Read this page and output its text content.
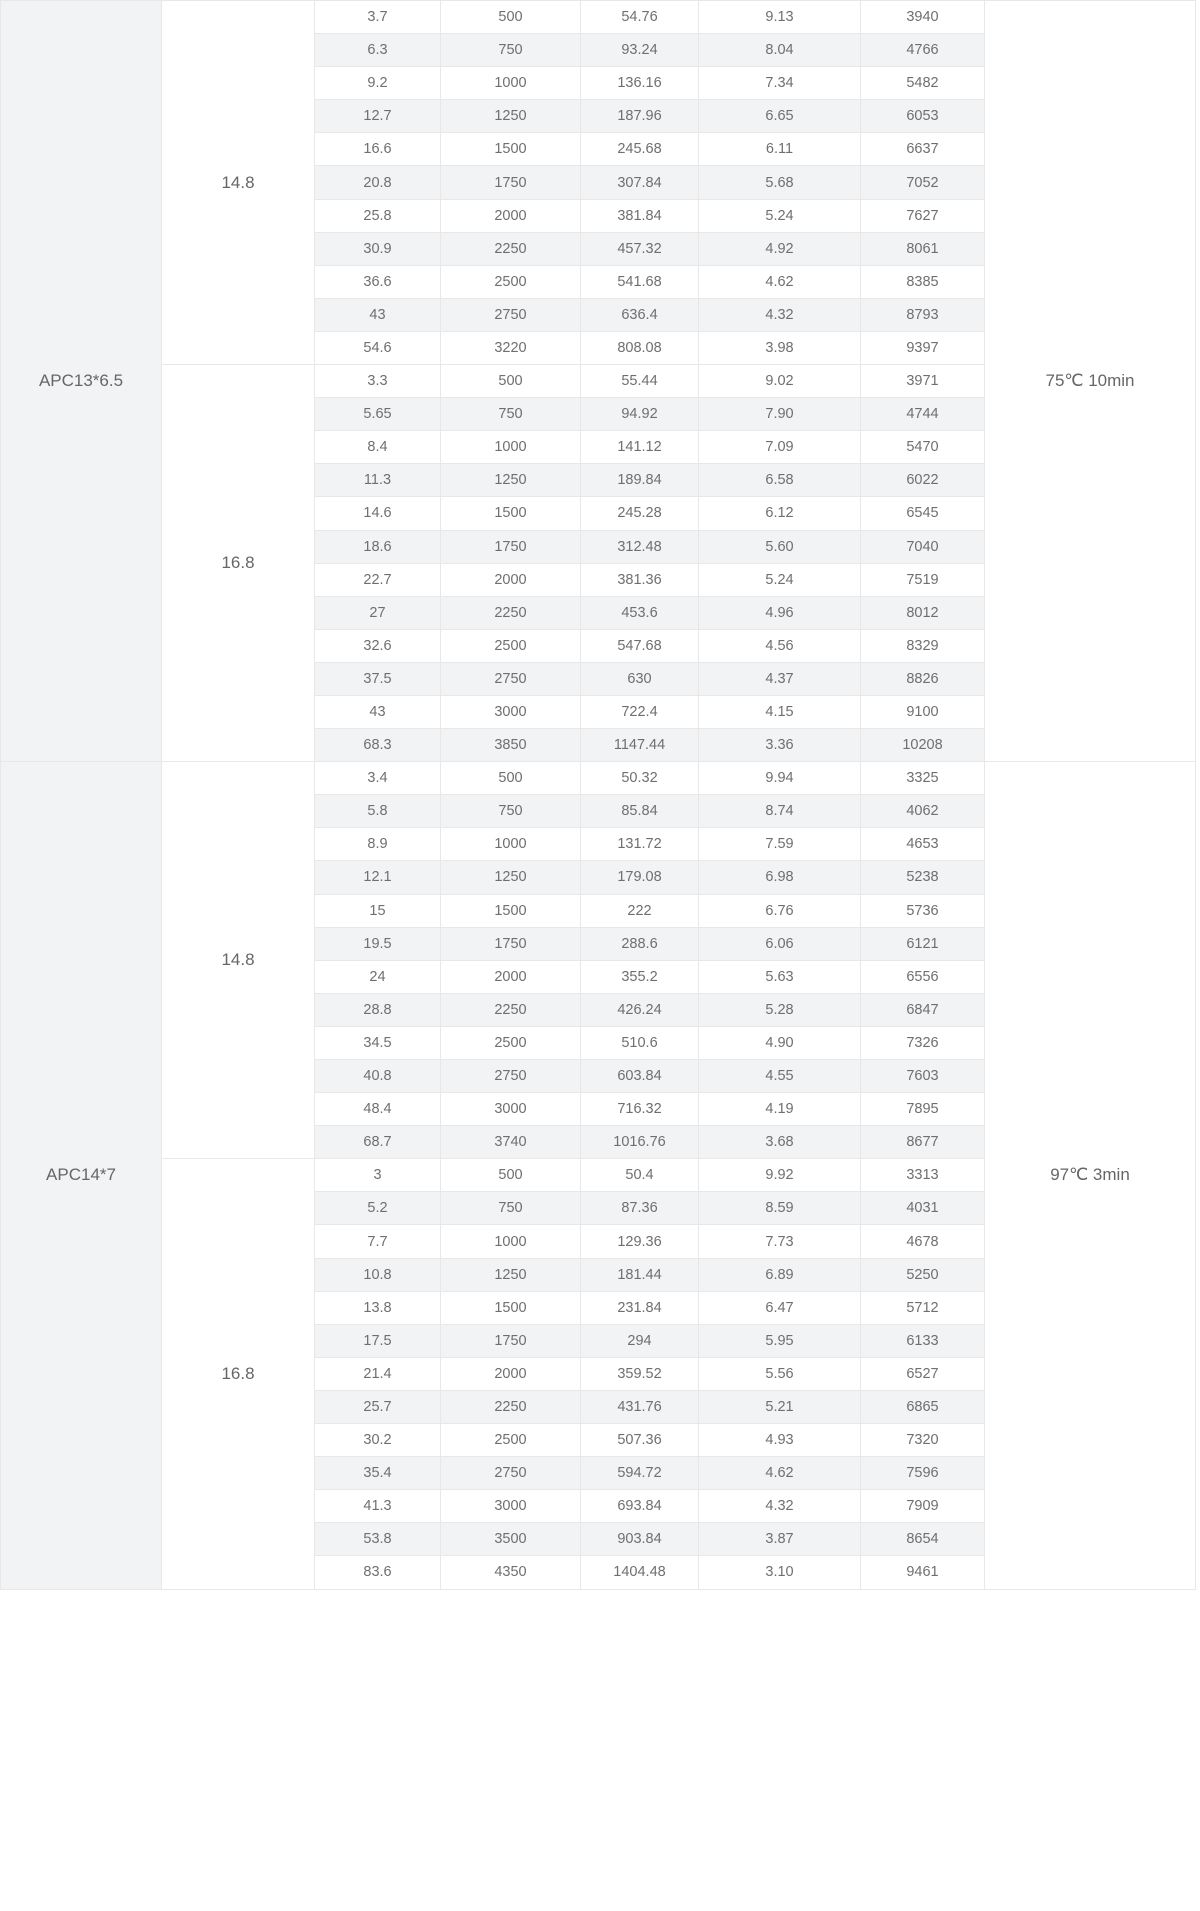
APC13*6.5	14.8	3.7	500	54.76	9.13	3940	75℃ 10min	
		6.3	750	93.24	8.04	4766		
		9.2	1000	136.16	7.34	5482		
		12.7	1250	187.96	6.65	6053		
		16.6	1500	245.68	6.11	6637		
		20.8	1750	307.84	5.68	7052		
		25.8	2000	381.84	5.24	7627		
		30.9	2250	457.32	4.92	8061		
		36.6	2500	541.68	4.62	8385		
		43	2750	636.4	4.32	8793		
		54.6	3220	808.08	3.98	9397		
	16.8	3.3	500	55.44	9.02	3971		
		5.65	750	94.92	7.90	4744		
		8.4	1000	141.12	7.09	5470		
		11.3	1250	189.84	6.58	6022		
		14.6	1500	245.28	6.12	6545		
		18.6	1750	312.48	5.60	7040		
		22.7	2000	381.36	5.24	7519		
		27	2250	453.6	4.96	8012		
		32.6	2500	547.68	4.56	8329		
		37.5	2750	630	4.37	8826		
		43	3000	722.4	4.15	9100		
		68.3	3850	1147.44	3.36	10208		
APC14*7	14.8	3.4	500	50.32	9.94	3325	97℃ 3min	
		5.8	750	85.84	8.74	4062		
		8.9	1000	131.72	7.59	4653		
		12.1	1250	179.08	6.98	5238		
		15	1500	222	6.76	5736		
		19.5	1750	288.6	6.06	6121		
		24	2000	355.2	5.63	6556		
		28.8	2250	426.24	5.28	6847		
		34.5	2500	510.6	4.90	7326		
		40.8	2750	603.84	4.55	7603		
		48.4	3000	716.32	4.19	7895		
		68.7	3740	1016.76	3.68	8677		
	16.8	3	500	50.4	9.92	3313		
		5.2	750	87.36	8.59	4031		
		7.7	1000	129.36	7.73	4678		
		10.8	1250	181.44	6.89	5250		
		13.8	1500	231.84	6.47	5712		
		17.5	1750	294	5.95	6133		
		21.4	2000	359.52	5.56	6527		
		25.7	2250	431.76	5.21	6865		
		30.2	2500	507.36	4.93	7320		
		35.4	2750	594.72	4.62	7596		
		41.3	3000	693.84	4.32	7909		
		53.8	3500	903.84	3.87	8654		
		83.6	4350	1404.48	3.10	9461		
